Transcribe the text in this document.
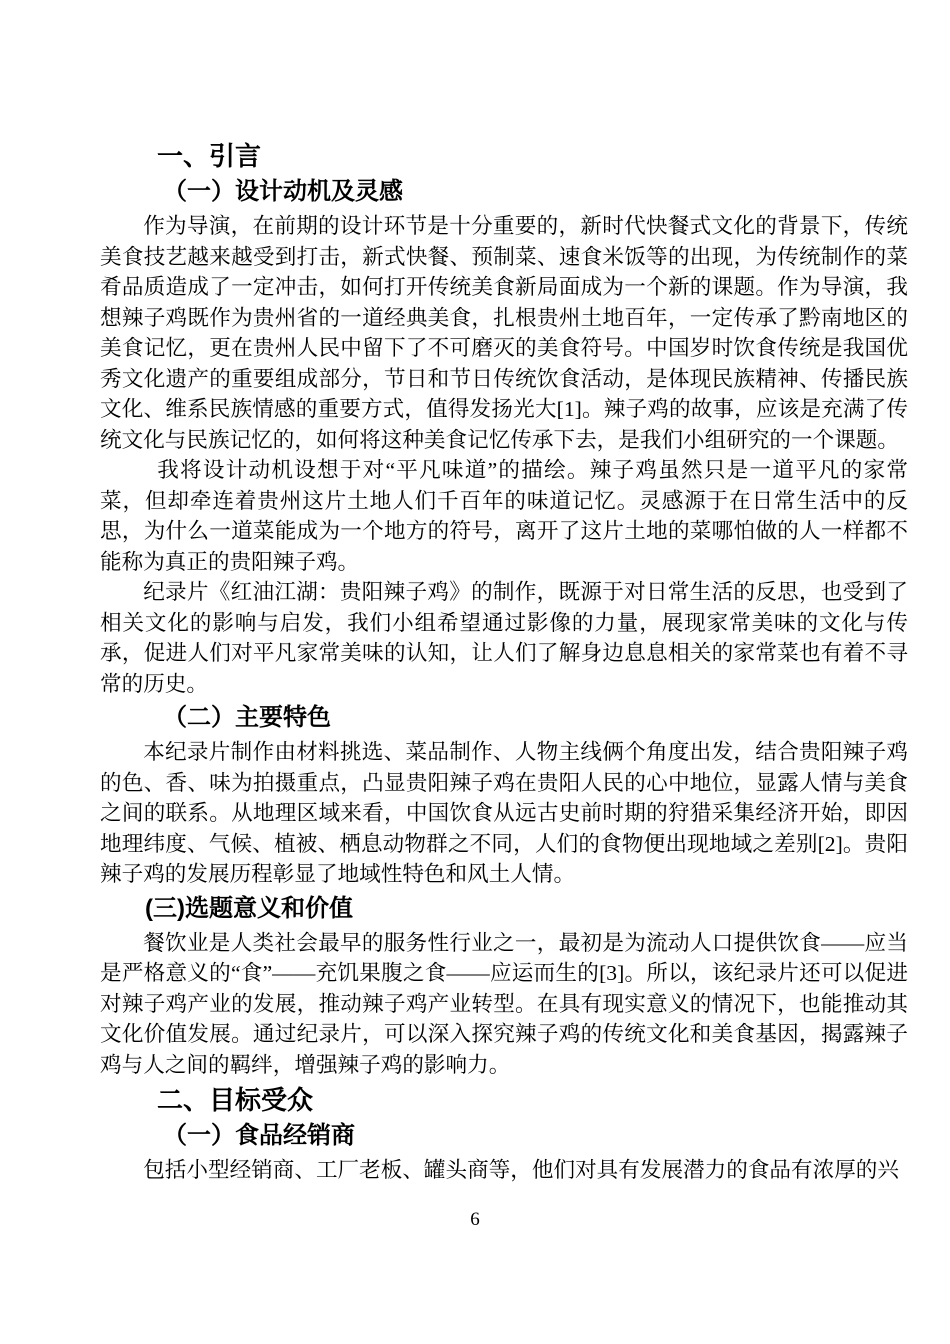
一、引言
（一）设计动机及灵感

作为导演，在前期的设计环节是十分重要的，新时代快餐式文化的背景下，传统美食技艺越来越受到打击，新式快餐、预制菜、速食米饭等的出现，为传统制作的菜肴品质造成了一定冲击，如何打开传统美食新局面成为一个新的课题。作为导演，我想辣子鸡既作为贵州省的一道经典美食，扎根贵州土地百年，一定传承了黔南地区的美食记忆，更在贵州人民中留下了不可磨灭的美食符号。中国岁时饮食传统是我国优秀文化遗产的重要组成部分，节日和节日传统饮食活动，是体现民族精神、传播民族文化、维系民族情感的重要方式，值得发扬光大[1]。辣子鸡的故事，应该是充满了传统文化与民族记忆的，如何将这种美食记忆传承下去，是我们小组研究的一个课题。

我将设计动机设想于对“平凡味道”的描绘。辣子鸡虽然只是一道平凡的家常菜，但却牵连着贵州这片土地人们千百年的味道记忆。灵感源于在日常生活中的反思，为什么一道菜能成为一个地方的符号，离开了这片土地的菜哪怕做的人一样都不能称为真正的贵阳辣子鸡。

纪录片《红油江湖：贵阳辣子鸡》的制作，既源于对日常生活的反思，也受到了相关文化的影响与启发，我们小组希望通过影像的力量，展现家常美味的文化与传承，促进人们对平凡家常美味的认知，让人们了解身边息息相关的家常菜也有着不寻常的历史。

（二）主要特色

本纪录片制作由材料挑选、菜品制作、人物主线俩个角度出发，结合贵阳辣子鸡的色、香、味为拍摄重点，凸显贵阳辣子鸡在贵阳人民的心中地位，显露人情与美食之间的联系。从地理区域来看，中国饮食从远古史前时期的狩猎采集经济开始，即因地理纬度、气候、植被、栖息动物群之不同，人们的食物便出现地域之差别[2]。贵阳辣子鸡的发展历程彰显了地域性特色和风土人情。

(三)选题意义和价值

餐饮业是人类社会最早的服务性行业之一，最初是为流动人口提供饮食——应当是严格意义的“食”——充饥果腹之食——应运而生的[3]。所以，该纪录片还可以促进对辣子鸡产业的发展，推动辣子鸡产业转型。在具有现实意义的情况下，也能推动其文化价值发展。通过纪录片，可以深入探究辣子鸡的传统文化和美食基因，揭露辣子鸡与人之间的羁绊，增强辣子鸡的影响力。

二、目标受众
（一）食品经销商

包括小型经销商、工厂老板、罐头商等，他们对具有发展潜力的食品有浓厚的兴

6
